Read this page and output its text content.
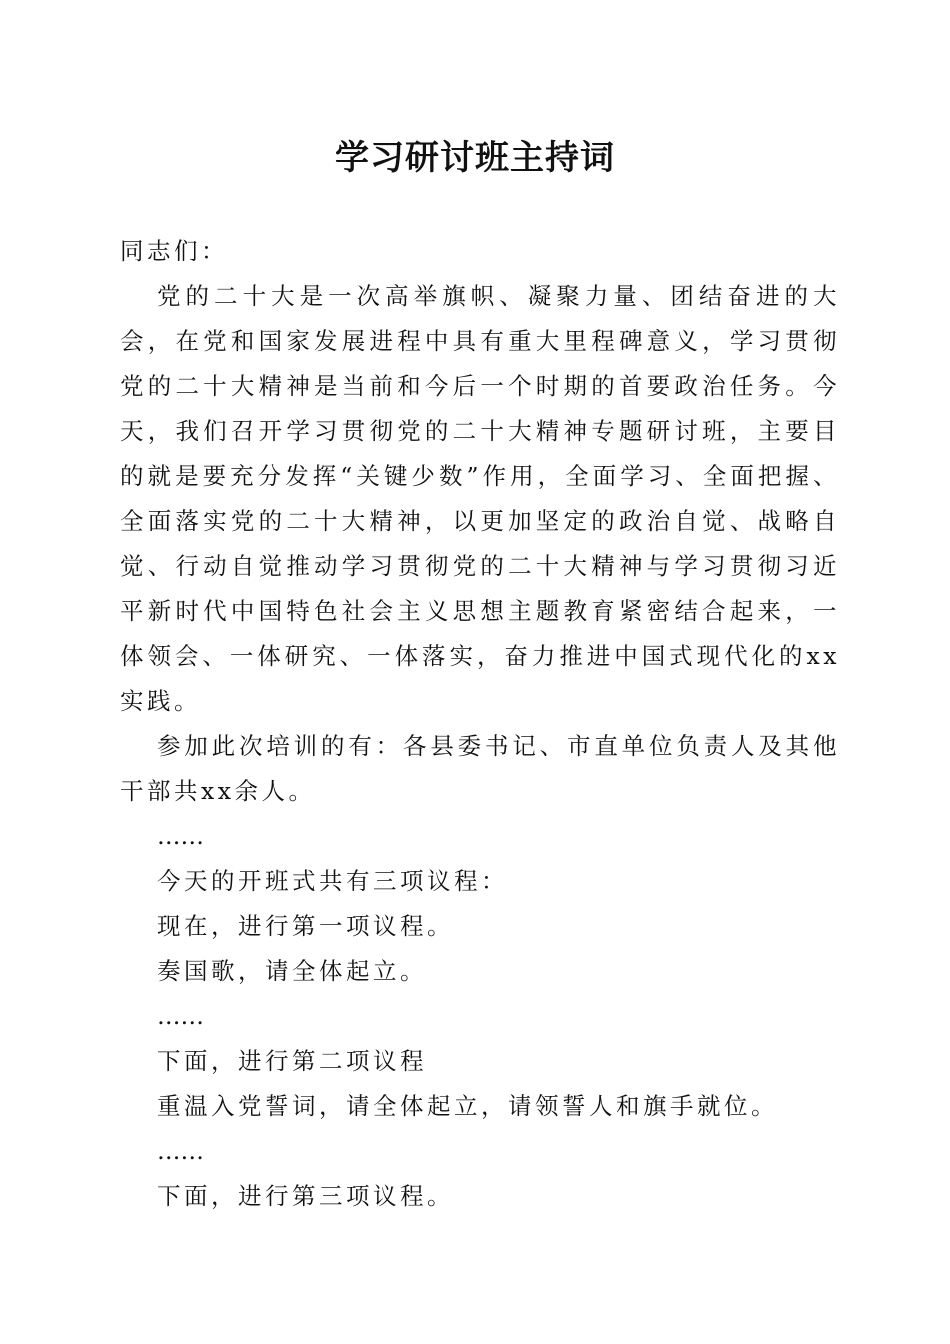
学习研讨班主持词

同志们：

党的二十大是一次高举旗帜、凝聚力量、团结奋进的大会，在党和国家发展进程中具有重大里程碑意义，学习贯彻党的二十大精神是当前和今后一个时期的首要政治任务。今天，我们召开学习贯彻党的二十大精神专题研讨班，主要目的就是要充分发挥“关键少数”作用，全面学习、全面把握、全面落实党的二十大精神，以更加坚定的政治自觉、战略自觉、行动自觉推动学习贯彻党的二十大精神与学习贯彻习近平新时代中国特色社会主义思想主题教育紧密结合起来，一体领会、一体研究、一体落实，奋力推进中国式现代化的xx实践。

参加此次培训的有：各县委书记、市直单位负责人及其他干部共xx余人。

……

今天的开班式共有三项议程：

现在，进行第一项议程。

奏国歌，请全体起立。

……

下面，进行第二项议程

重温入党誓词，请全体起立，请领誓人和旗手就位。

……

下面，进行第三项议程。
